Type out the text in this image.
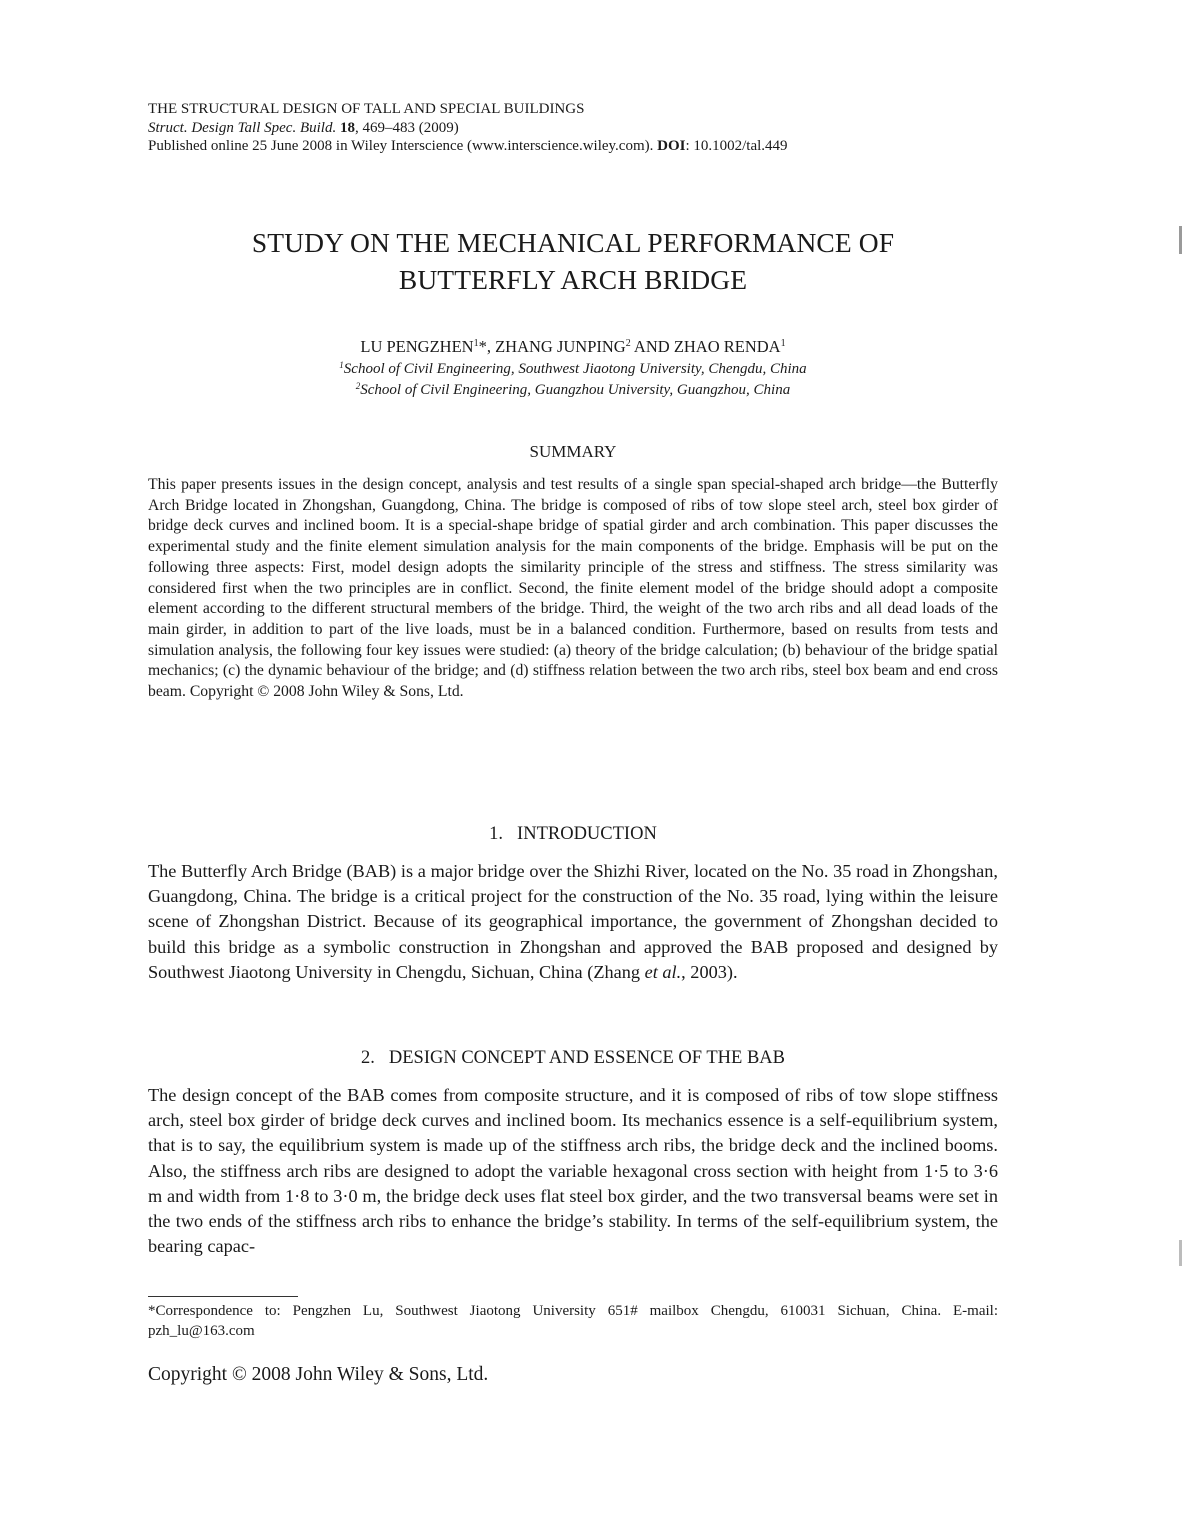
THE STRUCTURAL DESIGN OF TALL AND SPECIAL BUILDINGS
Struct. Design Tall Spec. Build. 18, 469–483 (2009)
Published online 25 June 2008 in Wiley Interscience (www.interscience.wiley.com). DOI: 10.1002/tal.449
STUDY ON THE MECHANICAL PERFORMANCE OF
BUTTERFLY ARCH BRIDGE
LU PENGZHEN$^1$*, ZHANG JUNPING$^2$ AND ZHAO RENDA$^1$
$^1$School of Civil Engineering, Southwest Jiaotong University, Chengdu, China
$^2$School of Civil Engineering, Guangzhou University, Guangzhou, China
SUMMARY
This paper presents issues in the design concept, analysis and test results of a single span special-shaped arch bridge—the Butterfly Arch Bridge located in Zhongshan, Guangdong, China. The bridge is composed of ribs of tow slope steel arch, steel box girder of bridge deck curves and inclined boom. It is a special-shape bridge of spatial girder and arch combination. This paper discusses the experimental study and the finite element simulation analysis for the main components of the bridge. Emphasis will be put on the following three aspects: First, model design adopts the similarity principle of the stress and stiffness. The stress similarity was considered first when the two principles are in conflict. Second, the finite element model of the bridge should adopt a composite element according to the different structural members of the bridge. Third, the weight of the two arch ribs and all dead loads of the main girder, in addition to part of the live loads, must be in a balanced condition. Furthermore, based on results from tests and simulation analysis, the following four key issues were studied: (a) theory of the bridge calculation; (b) behaviour of the bridge spatial mechanics; (c) the dynamic behaviour of the bridge; and (d) stiffness relation between the two arch ribs, steel box beam and end cross beam. Copyright © 2008 John Wiley & Sons, Ltd.
1. INTRODUCTION
The Butterfly Arch Bridge (BAB) is a major bridge over the Shizhi River, located on the No. 35 road in Zhongshan, Guangdong, China. The bridge is a critical project for the construction of the No. 35 road, lying within the leisure scene of Zhongshan District. Because of its geographical importance, the government of Zhongshan decided to build this bridge as a symbolic construction in Zhongshan and approved the BAB proposed and designed by Southwest Jiaotong University in Chengdu, Sichuan, China (Zhang et al., 2003).
2. DESIGN CONCEPT AND ESSENCE OF THE BAB
The design concept of the BAB comes from composite structure, and it is composed of ribs of tow slope stiffness arch, steel box girder of bridge deck curves and inclined boom. Its mechanics essence is a self-equilibrium system, that is to say, the equilibrium system is made up of the stiffness arch ribs, the bridge deck and the inclined booms. Also, the stiffness arch ribs are designed to adopt the variable hexagonal cross section with height from 1·5 to 3·6 m and width from 1·8 to 3·0 m, the bridge deck uses flat steel box girder, and the two transversal beams were set in the two ends of the stiffness arch ribs to enhance the bridge’s stability. In terms of the self-equilibrium system, the bearing capac-
*Correspondence to: Pengzhen Lu, Southwest Jiaotong University 651# mailbox Chengdu, 610031 Sichuan, China. E-mail: pzh_lu@163.com
Copyright © 2008 John Wiley & Sons, Ltd.
